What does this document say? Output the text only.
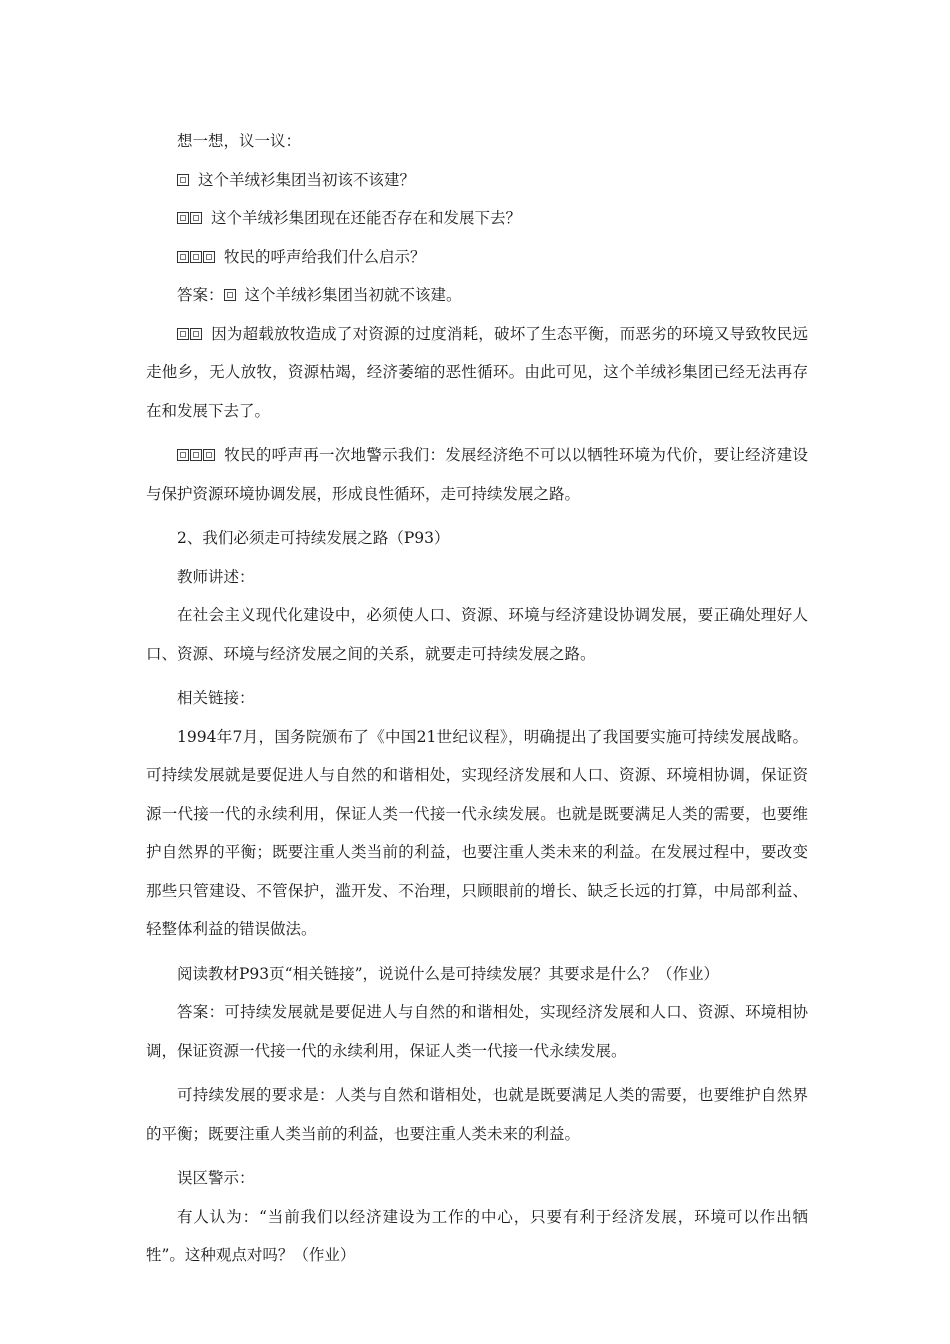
想一想，议一议：

这个羊绒衫集团当初该不该建？

这个羊绒衫集团现在还能否存在和发展下去？

牧民的呼声给我们什么启示？

答案： 这个羊绒衫集团当初就不该建。

因为超载放牧造成了对资源的过度消耗，破坏了生态平衡，而恶劣的环境又导致牧民远走他乡，无人放牧，资源枯竭，经济萎缩的恶性循环。由此可见，这个羊绒衫集团已经无法再存在和发展下去了。

牧民的呼声再一次地警示我们：发展经济绝不可以以牺牲环境为代价，要让经济建设与保护资源环境协调发展，形成良性循环，走可持续发展之路。

2、我们必须走可持续发展之路（P93）

教师讲述：

在社会主义现代化建设中，必须使人口、资源、环境与经济建设协调发展，要正确处理好人口、资源、环境与经济发展之间的关系，就要走可持续发展之路。

相关链接：

1994年7月，国务院颁布了《中国21世纪议程》，明确提出了我国要实施可持续发展战略。可持续发展就是要促进人与自然的和谐相处，实现经济发展和人口、资源、环境相协调，保证资源一代接一代的永续利用，保证人类一代接一代永续发展。也就是既要满足人类的需要，也要维护自然界的平衡；既要注重人类当前的利益，也要注重人类未来的利益。在发展过程中，要改变那些只管建设、不管保护，滥开发、不治理，只顾眼前的增长、缺乏长远的打算，中局部利益、轻整体利益的错误做法。

阅读教材P93页“相关链接”，说说什么是可持续发展？其要求是什么？（作业）

答案：可持续发展就是要促进人与自然的和谐相处，实现经济发展和人口、资源、环境相协调，保证资源一代接一代的永续利用，保证人类一代接一代永续发展。

可持续发展的要求是：人类与自然和谐相处，也就是既要满足人类的需要，也要维护自然界的平衡；既要注重人类当前的利益，也要注重人类未来的利益。

误区警示：

有人认为：“当前我们以经济建设为工作的中心，只要有利于经济发展，环境可以作出牺牲”。这种观点对吗？（作业）
